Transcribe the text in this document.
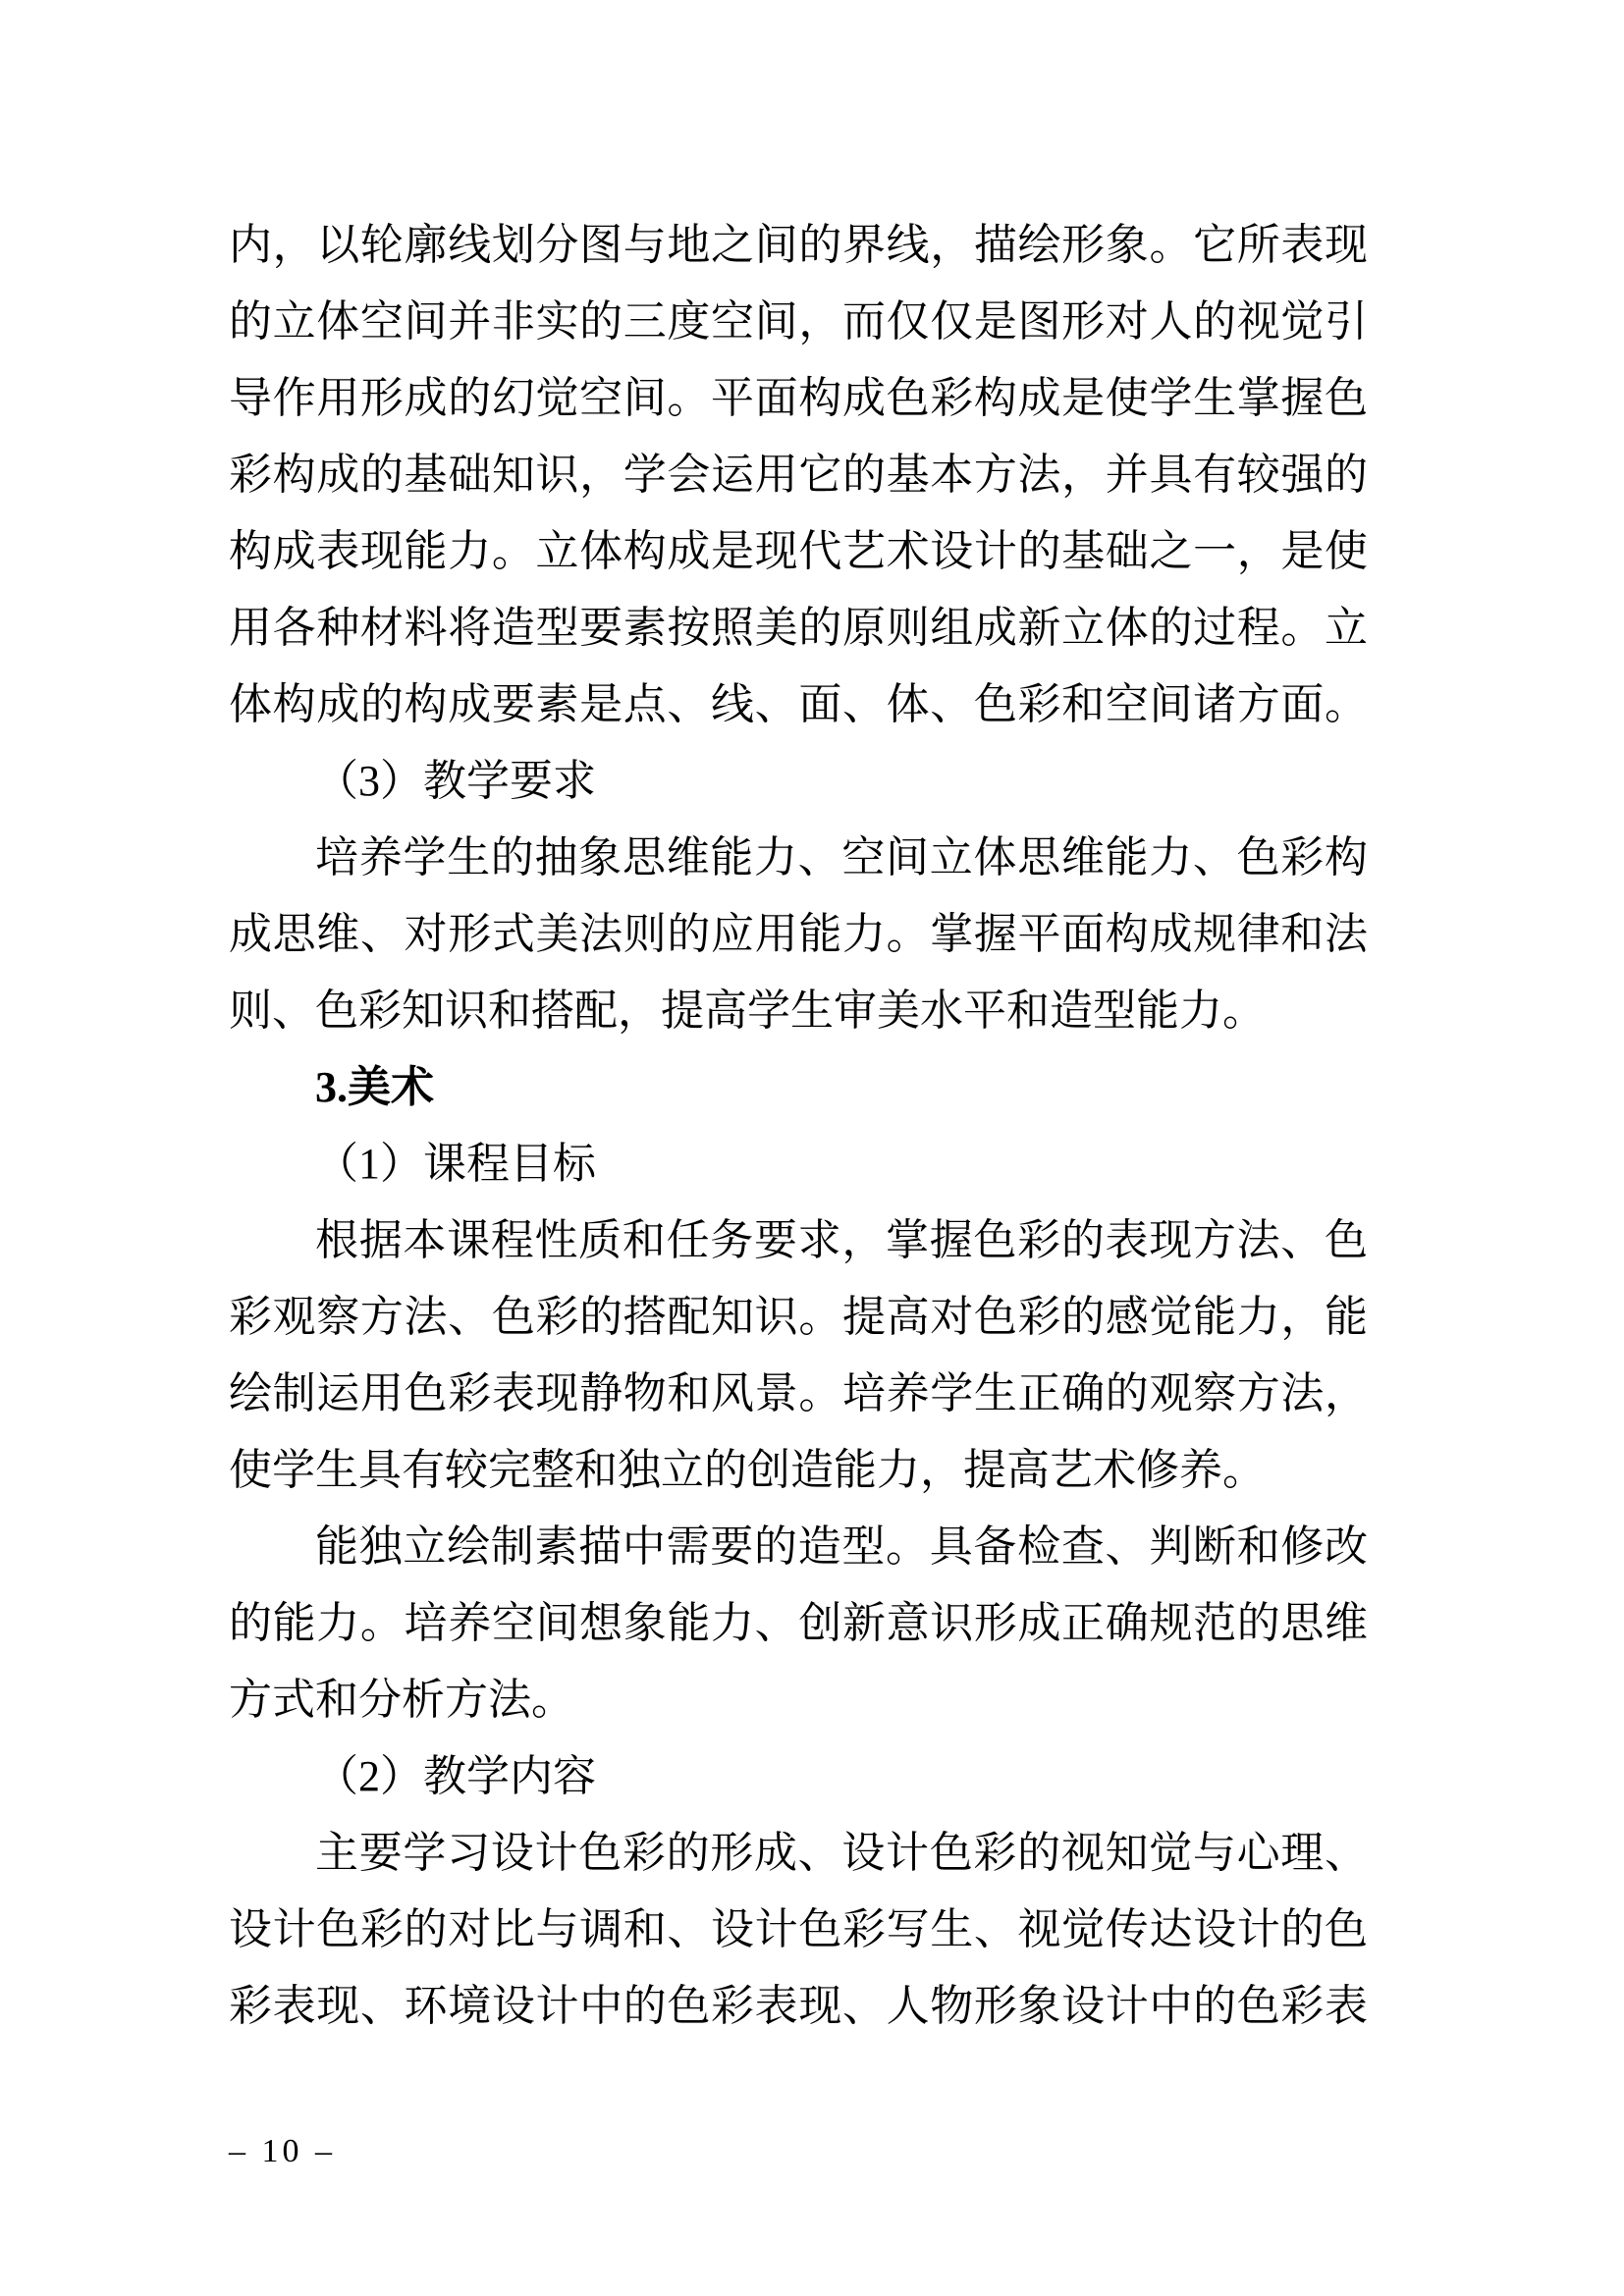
内，以轮廓线划分图与地之间的界线，描绘形象。它所表现
的立体空间并非实的三度空间，而仅仅是图形对人的视觉引
导作用形成的幻觉空间。平面构成色彩构成是使学生掌握色
彩构成的基础知识，学会运用它的基本方法，并具有较强的
构成表现能力。立体构成是现代艺术设计的基础之一，是使
用各种材料将造型要素按照美的原则组成新立体的过程。立
体构成的构成要素是点、线、面、体、色彩和空间诸方面。
（3）教学要求
培养学生的抽象思维能力、空间立体思维能力、色彩构
成思维、对形式美法则的应用能力。掌握平面构成规律和法
则、色彩知识和搭配，提高学生审美水平和造型能力。
3.美术
（1）课程目标
根据本课程性质和任务要求，掌握色彩的表现方法、色
彩观察方法、色彩的搭配知识。提高对色彩的感觉能力，能
绘制运用色彩表现静物和风景。培养学生正确的观察方法，
使学生具有较完整和独立的创造能力，提高艺术修养。
能独立绘制素描中需要的造型。具备检查、判断和修改
的能力。培养空间想象能力、创新意识形成正确规范的思维
方式和分析方法。
（2）教学内容
主要学习设计色彩的形成、设计色彩的视知觉与心理、
设计色彩的对比与调和、设计色彩写生、视觉传达设计的色
彩表现、环境设计中的色彩表现、人物形象设计中的色彩表
– 10 –
